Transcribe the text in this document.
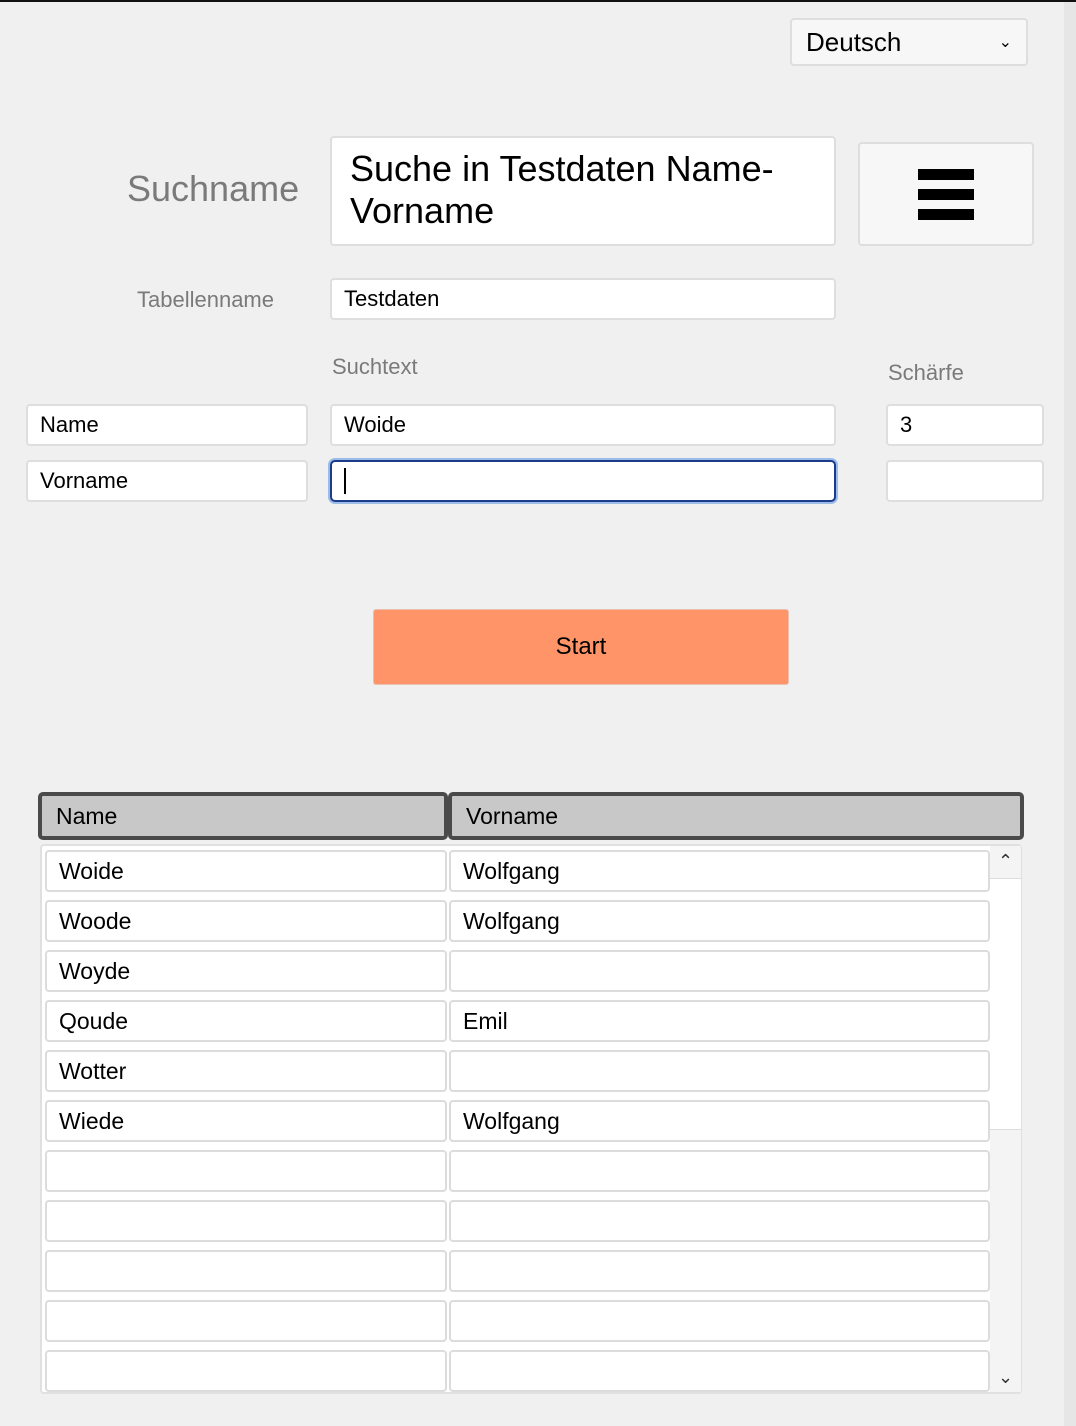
Deutsch	⌄
Suchname	Suche in Testdaten Name-Vorname
Tabellenname	Testdaten
Suchtext	Schärfe
Name	Woide	3
Vorname
Start
Name	Vorname
Woide	Wolfgang
Woode	Wolfgang
Woyde
Qoude	Emil
Wotter
Wiede	Wolfgang
⌃
⌄
